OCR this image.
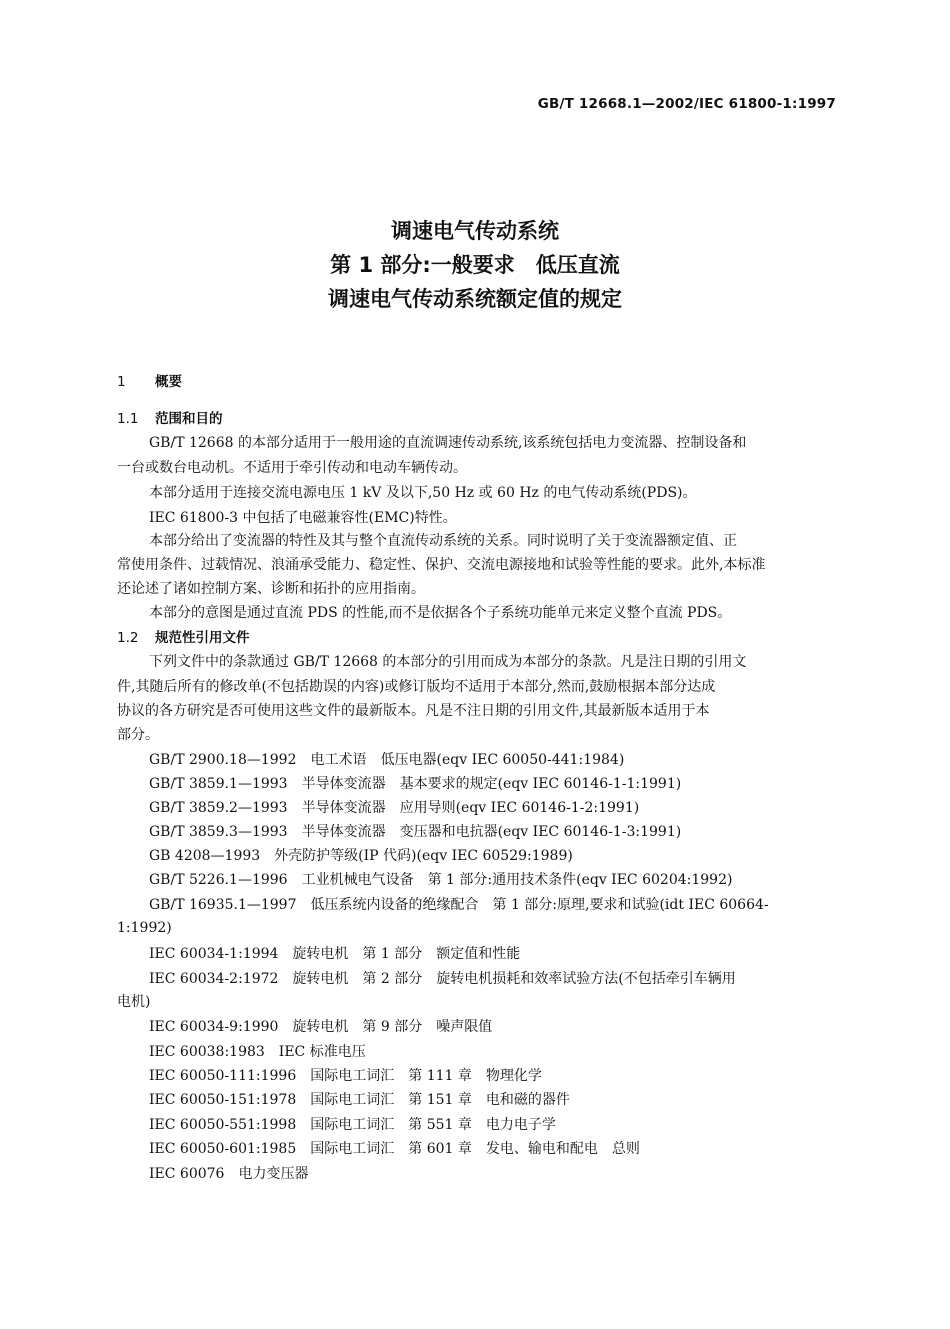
GB/T 12668.1—2002/IEC 61800-1:1997
调速电气传动系统
第 1 部分:一般要求　低压直流
调速电气传动系统额定值的规定
1 概要
1.1 范围和目的
GB/T 12668 的本部分适用于一般用途的直流调速传动系统,该系统包括电力变流器、控制设备和
一台或数台电动机。不适用于牵引传动和电动车辆传动。
本部分适用于连接交流电源电压 1 kV 及以下,50 Hz 或 60 Hz 的电气传动系统(PDS)。
IEC 61800-3 中包括了电磁兼容性(EMC)特性。
本部分给出了变流器的特性及其与整个直流传动系统的关系。同时说明了关于变流器额定值、正
常使用条件、过载情况、浪涌承受能力、稳定性、保护、交流电源接地和试验等性能的要求。此外,本标准
还论述了诸如控制方案、诊断和拓扑的应用指南。
本部分的意图是通过直流 PDS 的性能,而不是依据各个子系统功能单元来定义整个直流 PDS。
1.2 规范性引用文件
下列文件中的条款通过 GB/T 12668 的本部分的引用而成为本部分的条款。凡是注日期的引用文
件,其随后所有的修改单(不包括勘误的内容)或修订版均不适用于本部分,然而,鼓励根据本部分达成
协议的各方研究是否可使用这些文件的最新版本。凡是不注日期的引用文件,其最新版本适用于本
部分。
GB/T 2900.18—1992　电工术语　低压电器(eqv IEC 60050-441:1984)
GB/T 3859.1—1993　半导体变流器　基本要求的规定(eqv IEC 60146-1-1:1991)
GB/T 3859.2—1993　半导体变流器　应用导则(eqv IEC 60146-1-2:1991)
GB/T 3859.3—1993　半导体变流器　变压器和电抗器(eqv IEC 60146-1-3:1991)
GB 4208—1993　外壳防护等级(IP 代码)(eqv IEC 60529:1989)
GB/T 5226.1—1996　工业机械电气设备　第 1 部分:通用技术条件(eqv IEC 60204:1992)
GB/T 16935.1—1997　低压系统内设备的绝缘配合　第 1 部分:原理,要求和试验(idt IEC 60664-
1:1992)
IEC 60034-1:1994　旋转电机　第 1 部分　额定值和性能
IEC 60034-2:1972　旋转电机　第 2 部分　旋转电机损耗和效率试验方法(不包括牵引车辆用
电机)
IEC 60034-9:1990　旋转电机　第 9 部分　噪声限值
IEC 60038:1983　IEC 标准电压
IEC 60050-111:1996　国际电工词汇　第 111 章　物理化学
IEC 60050-151:1978　国际电工词汇　第 151 章　电和磁的器件
IEC 60050-551:1998　国际电工词汇　第 551 章　电力电子学
IEC 60050-601:1985　国际电工词汇　第 601 章　发电、输电和配电　总则
IEC 60076　电力变压器
